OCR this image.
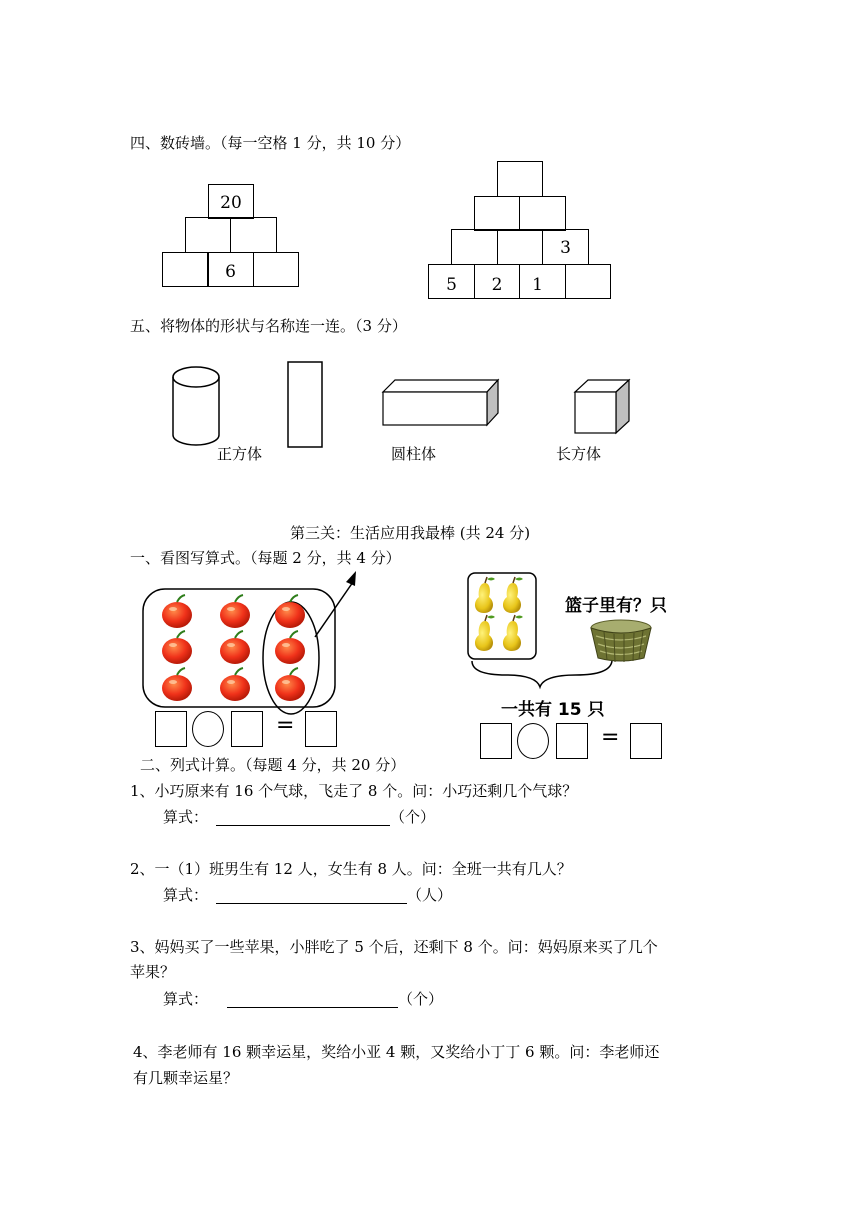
四、数砖墙。（每一空格 1 分，共 10 分）
20
6
3
5	2	1
五、将物体的形状与名称连一连。（3 分）
正方体	圆柱体	长方体
第三关：生活应用我最棒 (共 24 分)
一、看图写算式。（每题 2 分，共 4 分）
=
篮子里有？只
一共有 15 只
=
二、列式计算。（每题 4 分，共 20 分）
1、小巧原来有 16 个气球，飞走了 8 个。问：小巧还剩几个气球？
算式：	（个）
2、一（1）班男生有 12 人，女生有 8 人。问：全班一共有几人？
算式：	（人）
3、妈妈买了一些苹果，小胖吃了 5 个后，还剩下 8 个。问：妈妈原来买了几个
苹果？
算式：	（个）
4、李老师有 16 颗幸运星，奖给小亚 4 颗，又奖给小丁丁 6 颗。问：李老师还
有几颗幸运星？
